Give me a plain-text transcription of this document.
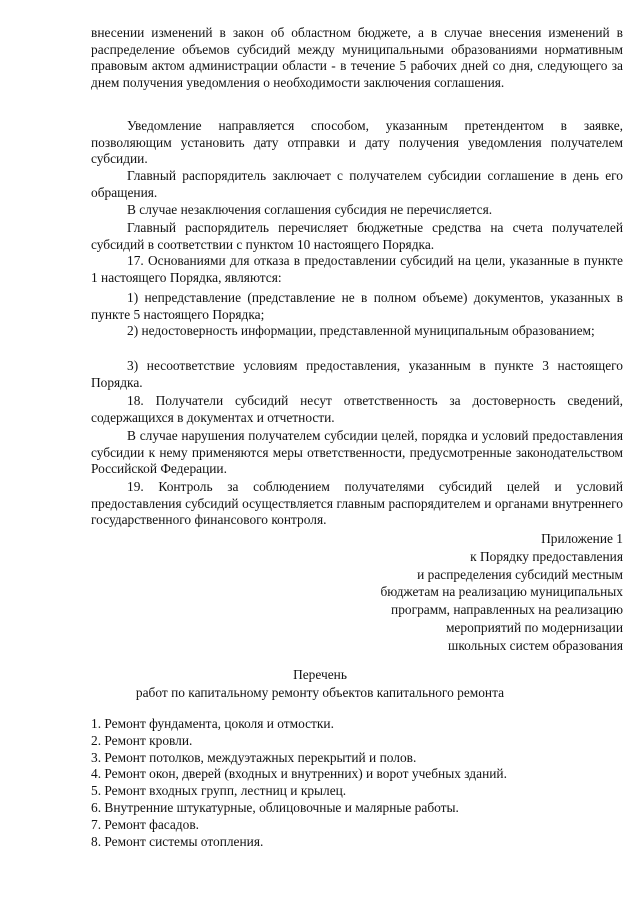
внесении изменений в закон об областном бюджете, а в случае внесения изменений в распределение объемов субсидий между муниципальными образованиями нормативным правовым актом администрации области - в течение 5 рабочих дней со дня, следующего за днем получения уведомления о необходимости заключения соглашения.

Уведомление направляется способом, указанным претендентом в заявке, позволяющим установить дату отправки и дату получения уведомления получателем субсидии.

Главный распорядитель заключает с получателем субсидии соглашение в день его обращения.

В случае незаключения соглашения субсидия не перечисляется.

Главный распорядитель перечисляет бюджетные средства на счета получателей субсидий в соответствии с пунктом 10 настоящего Порядка.

17. Основаниями для отказа в предоставлении субсидий на цели, указанные в пункте 1 настоящего Порядка, являются:

1) непредставление (представление не в полном объеме) документов, указанных в пункте 5 настоящего Порядка;

2) недостоверность информации, представленной муниципальным образованием;

3) несоответствие условиям предоставления, указанным в пункте 3 настоящего Порядка.

18. Получатели субсидий несут ответственность за достоверность сведений, содержащихся в документах и отчетности.

В случае нарушения получателем субсидии целей, порядка и условий предоставления субсидии к нему применяются меры ответственности, предусмотренные законодательством Российской Федерации.

19. Контроль за соблюдением получателями субсидий целей и условий предоставления субсидий осуществляется главным распорядителем и органами внутреннего государственного финансового контроля.

Приложение 1
к Порядку предоставления
и распределения субсидий местным
бюджетам на реализацию муниципальных
программ, направленных на реализацию
мероприятий по модернизации
школьных систем образования
Перечень
работ по капитальному ремонту объектов капитального ремонта
1. Ремонт фундамента, цоколя и отмостки.
2. Ремонт кровли.
3. Ремонт потолков, междуэтажных перекрытий и полов.
4. Ремонт окон, дверей (входных и внутренних) и ворот учебных зданий.
5. Ремонт входных групп, лестниц и крылец.
6. Внутренние штукатурные, облицовочные и малярные работы.
7. Ремонт фасадов.
8. Ремонт системы отопления.
